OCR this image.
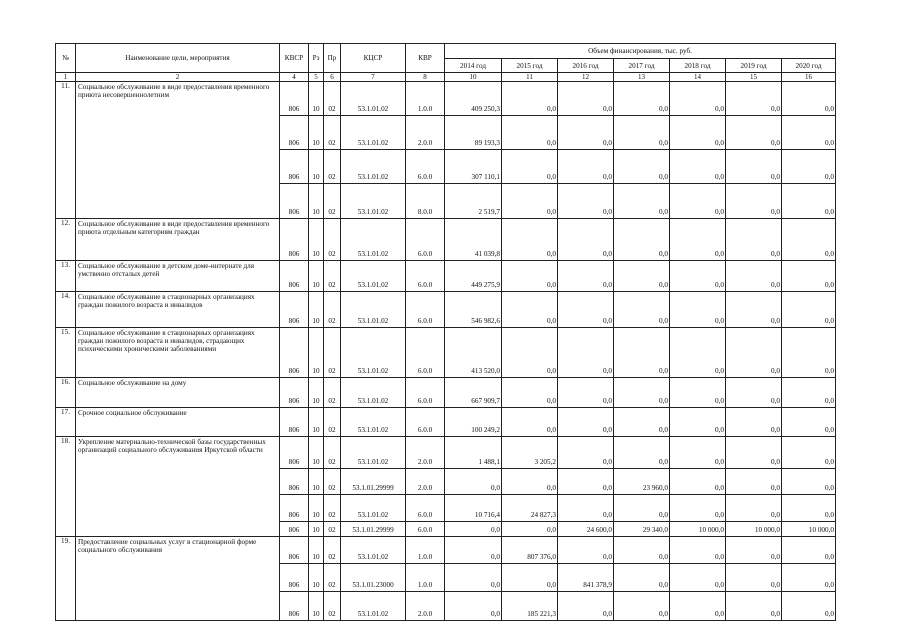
№	Наименование цели, мероприятия	КВСР	Рз	Пр	КЦСР	КВР	Объем финансирования, тыс. руб.						
							2014 год	2015 год	2016 год	2017 год	2018 год	2019 год	2020 год
1	2	4	5	6	7	8	10	11	12	13	14	15	16
11.	Социальное обслуживание в виде предоставления временного приюта несовершеннолетним	806	10	02	53.1.01.02	1.0.0	409 250,3	0,0	0,0	0,0	0,0	0,0	0,0
		806	10	02	53.1.01.02	2.0.0	89 193,3	0,0	0,0	0,0	0,0	0,0	0,0
		806	10	02	53.1.01.02	6.0.0	307 110,1	0,0	0,0	0,0	0,0	0,0	0,0
		806	10	02	53.1.01.02	8.0.0	2 519,7	0,0	0,0	0,0	0,0	0,0	0,0
12.	Социальное обслуживание в виде предоставления временного приюта отдельным категориям граждан	806	10	02	53.1.01.02	6.0.0	41 039,8	0,0	0,0	0,0	0,0	0,0	0,0
13.	Социальное обслуживание в детском доме-интернате для умственно отсталых детей	806	10	02	53.1.01.02	6.0.0	449 275,9	0,0	0,0	0,0	0,0	0,0	0,0
14.	Социальное обслуживание в стационарных организациях граждан пожилого возраста и инвалидов	806	10	02	53.1.01.02	6.0.0	546 982,6	0,0	0,0	0,0	0,0	0,0	0,0
15.	Социальное обслуживание в стационарных организациях граждан пожилого возраста и инвалидов, страдающих психическими хроническими заболеваниями	806	10	02	53.1.01.02	6.0.0	413 520,0	0,0	0,0	0,0	0,0	0,0	0,0
16.	Социальное обслуживание на дому	806	10	02	53.1.01.02	6.0.0	667 909,7	0,0	0,0	0,0	0,0	0,0	0,0
17.	Срочное социальное обслуживание	806	10	02	53.1.01.02	6.0.0	100 249,2	0,0	0,0	0,0	0,0	0,0	0,0
18.	Укрепление материально-технической базы государственных организаций социального обслуживания Иркутской области	806	10	02	53.1.01.02	2.0.0	1 488,1	3 205,2	0,0	0,0	0,0	0,0	0,0
		806	10	02	53.1.01.29999	2.0.0	0,0	0,0	0,0	23 960,0	0,0	0,0	0,0
		806	10	02	53.1.01.02	6.0.0	10 716,4	24 827,3	0,0	0,0	0,0	0,0	0,0
		806	10	02	53.1.01.29999	6.0.0	0,0	0,0	24 600,0	29 340,0	10 000,0	10 000,0	10 000,0
19.	Предоставление социальных услуг в стационарной форме социального обслуживания	806	10	02	53.1.01.02	1.0.0	0,0	807 376,0	0,0	0,0	0,0	0,0	0,0
		806	10	02	53.1.01.23000	1.0.0	0,0	0,0	841 378,9	0,0	0,0	0,0	0,0
		806	10	02	53.1.01.02	2.0.0	0,0	185 221,3	0,0	0,0	0,0	0,0	0,0
